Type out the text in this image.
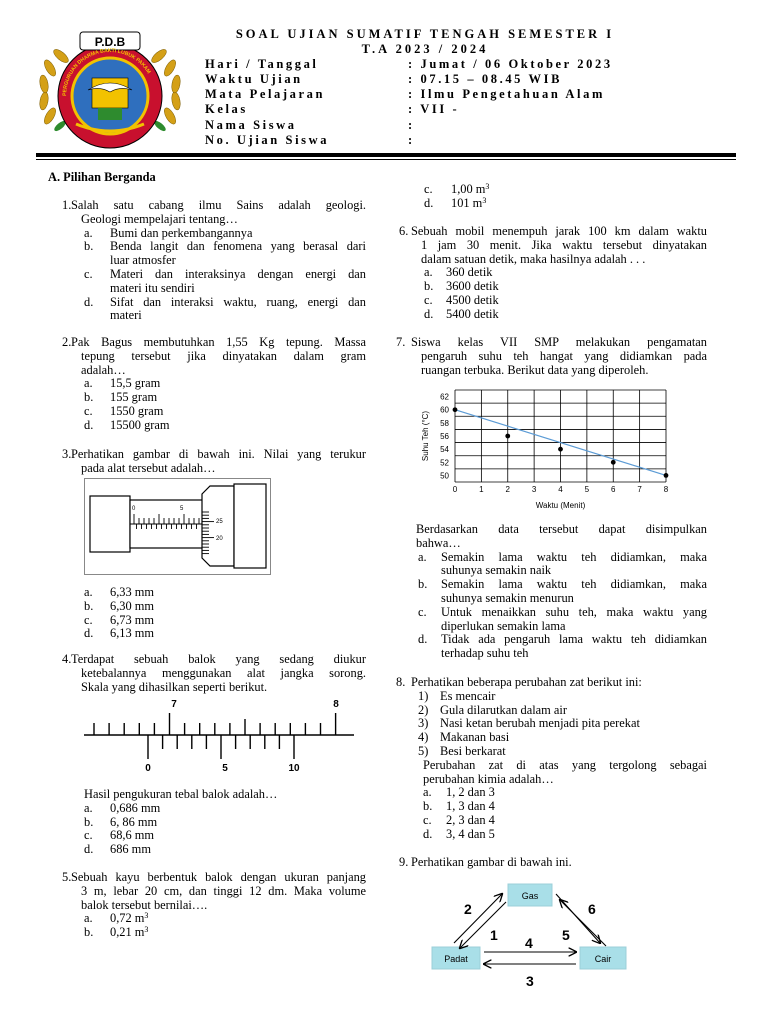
P.D.B
PERGURUAN DHARMA BAKTI LUBUK PAKAM
SOAL UJIAN SUMATIF TENGAH SEMESTER I
T.A 2023 / 2024
Hari / Tanggal	: Jumat / 06 Oktober 2023
Waktu Ujian	: 07.15 – 08.45 WIB
Mata Pelajaran	: Ilmu Pengetahuan Alam
Kelas	: VII -
Nama Siswa	:
No. Ujian Siswa	:
A. Pilihan Berganda
1. Salah satu cabang ilmu Sains adalah geologi.
Geologi mempelajari tentang…
a. Bumi dan perkembangannya
b. Benda langit dan fenomena yang berasal dari
luar atmosfer
c. Materi dan interaksinya dengan energi dan
materi itu sendiri
d. Sifat dan interaksi waktu, ruang, energi dan
materi
2. Pak Bagus membutuhkan 1,55 Kg tepung. Massa
tepung tersebut jika dinyatakan dalam gram
adalah…
a. 15,5 gram
b. 155 gram
c. 1550 gram
d. 15500 gram
3. Perhatikan gambar di bawah ini. Nilai yang terukur
pada alat tersebut adalah…
0	5
25
20
a. 6,33 mm
b. 6,30 mm
c. 6,73 mm
d. 6,13 mm
4. Terdapat sebuah balok yang sedang diukur
ketebalannya menggunakan alat jangka sorong.
Skala yang dihasilkan seperti berikut.
7	8
0	5	10
Hasil pengukuran tebal balok adalah…
a. 0,686 mm
b. 6, 86 mm
c. 68,6 mm
d. 686 mm
5. Sebuah kayu berbentuk balok dengan ukuran panjang
3 m, lebar 20 cm, dan tinggi 12 dm. Maka volume
balok tersebut bernilai….
a. 0,72 $m^3$
b. 0,21 $m^3$
c. 1,00 $m^3$
d. 101 $m^3$
6. Sebuah mobil menempuh jarak 100 km dalam waktu
1 jam 30 menit. Jika waktu tersebut dinyatakan
dalam satuan detik, maka hasilnya adalah . . .
a. 360 detik
b. 3600 detik
c. 4500 detik
d. 5400 detik
7. Siswa kelas VII SMP melakukan pengamatan
pengaruh suhu teh hangat yang didiamkan pada
ruangan terbuka. Berikut data yang diperoleh.
0	1	2	3	4	5	6	7	8
62
60
58
56
54
52
50
Waktu (Menit)
Suhu Teh (°C)
Berdasarkan data tersebut dapat disimpulkan
bahwa…
a. Semakin lama waktu teh didiamkan, maka
suhunya semakin naik
b. Semakin lama waktu teh didiamkan, maka
suhunya semakin menurun
c. Untuk menaikkan suhu teh, maka waktu yang
diperlukan semakin lama
d. Tidak ada pengaruh lama waktu teh didiamkan
terhadap suhu teh
8. Perhatikan beberapa perubahan zat berikut ini:
1) Es mencair
2) Gula dilarutkan dalam air
3) Nasi ketan berubah menjadi pita perekat
4) Makanan basi
5) Besi berkarat
Perubahan zat di atas yang tergolong sebagai
perubahan kimia adalah…
a. 1, 2 dan 3
b. 1, 3 dan 4
c. 2, 3 dan 4
d. 3, 4 dan 5
9. Perhatikan gambar di bawah ini.
Gas
Padat	Cair
2
1 4 5
6
3
